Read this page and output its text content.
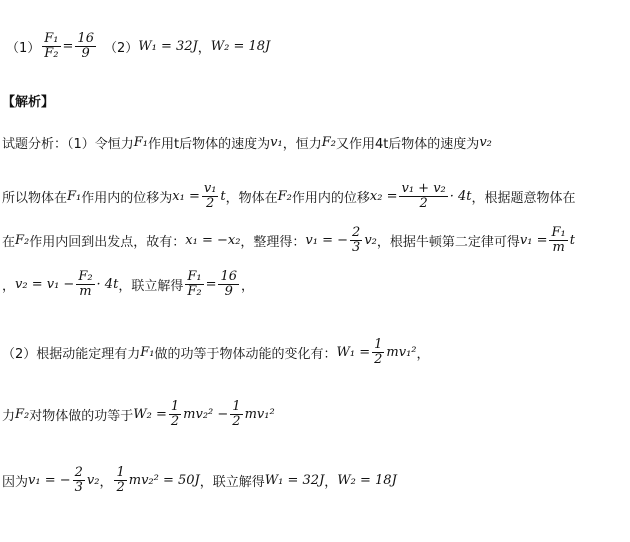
$(1) \frac{\text{F₁}}{\text{F₂}} = \frac{16}{9} (2) W_1 = 32J$ ， W₂ = 18J
【解析】
试题分析：（1）令恒力 F₁ 作用t后物体的速度为 v₁ ，恒力 F₂ 又作用4t后物体的速度为 v₂
所以物体在 F₁ 作用内的位移为 $x_1 = \frac{\text{v₁}}{2}$ t ，物体在 F₂ 作用内的位移 $x_2 = \frac{\text{v₁ + v₂}}{2} \cdot 4t$ ，根据题意物体在
在 F₂ 作用内回到出发点，故有： x₁ = −x₂ ，整理得： v₁ = − $\frac{2}{3} v_2$ ，根据牛顿第二定律可得 $v_1 = \frac{\text{F₁}}{m}$ t
， $v_2 = v_1 - \frac{\text{F₂}}{m} \cdot 4t$ ，联立解得 $\frac{\text{F₁}}{\text{F₂}} = \frac{16}{9}$ ，
（2）根据动能定理有力 F₁ 做的功等于物体动能的变化有： $W_1 = \frac{1}{2} mv_1^2$ ，
力 F₂ 对物体做的功等于 $W_2 = \frac{1}{2} mv_2^2 - \frac{1}{2} mv_1^2$
因为 v₁ = − $\frac{2}{3} v_2$ ， $\frac{1}{2} mv_2^2 = 50J$ ，联立解得 W₁ = 32J ， W₂ = 18J
